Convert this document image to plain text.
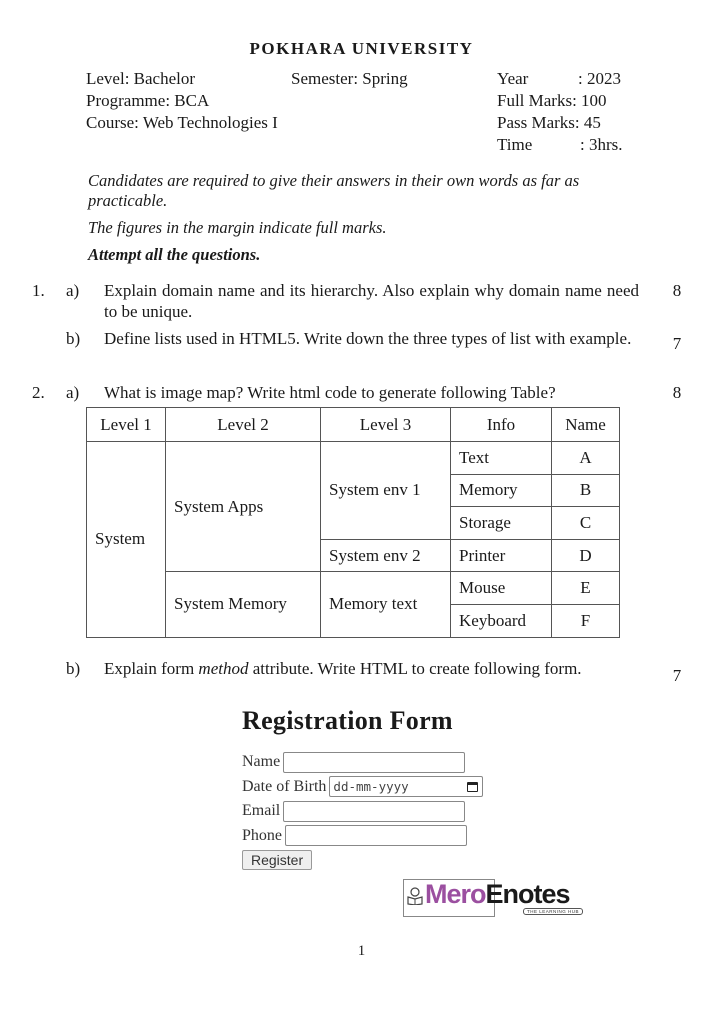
POKHARA UNIVERSITY
Level: Bachelor	Semester: Spring
Programme: BCA
Course: Web Technologies I
Year	: 2023
Full Marks: 100
Pass Marks: 45
Time	: 3hrs.
Candidates are required to give their answers in their own words as far as practicable.
The figures in the margin indicate full marks.
Attempt all the questions.
1. a) Explain domain name and its hierarchy. Also explain why domain name need to be unique.
8
b) Define lists used in HTML5. Write down the three types of list with example.	7
2. a) What is image map? Write html code to generate following Table?	8
Level 1	Level 2	Level 3	Info	Name
System	System Apps	System env 1	Text	A
			Memory	B
			Storage	C
		System env 2	Printer	D
	System Memory	Memory text	Mouse	E
			Keyboard	F
b) Explain form method attribute. Write HTML to create following form.	7
Registration Form
Name
Date of Birth dd-mm-yyyy
Email
Phone
Register
MeroEnotes
THE LEARNING HUB
1
